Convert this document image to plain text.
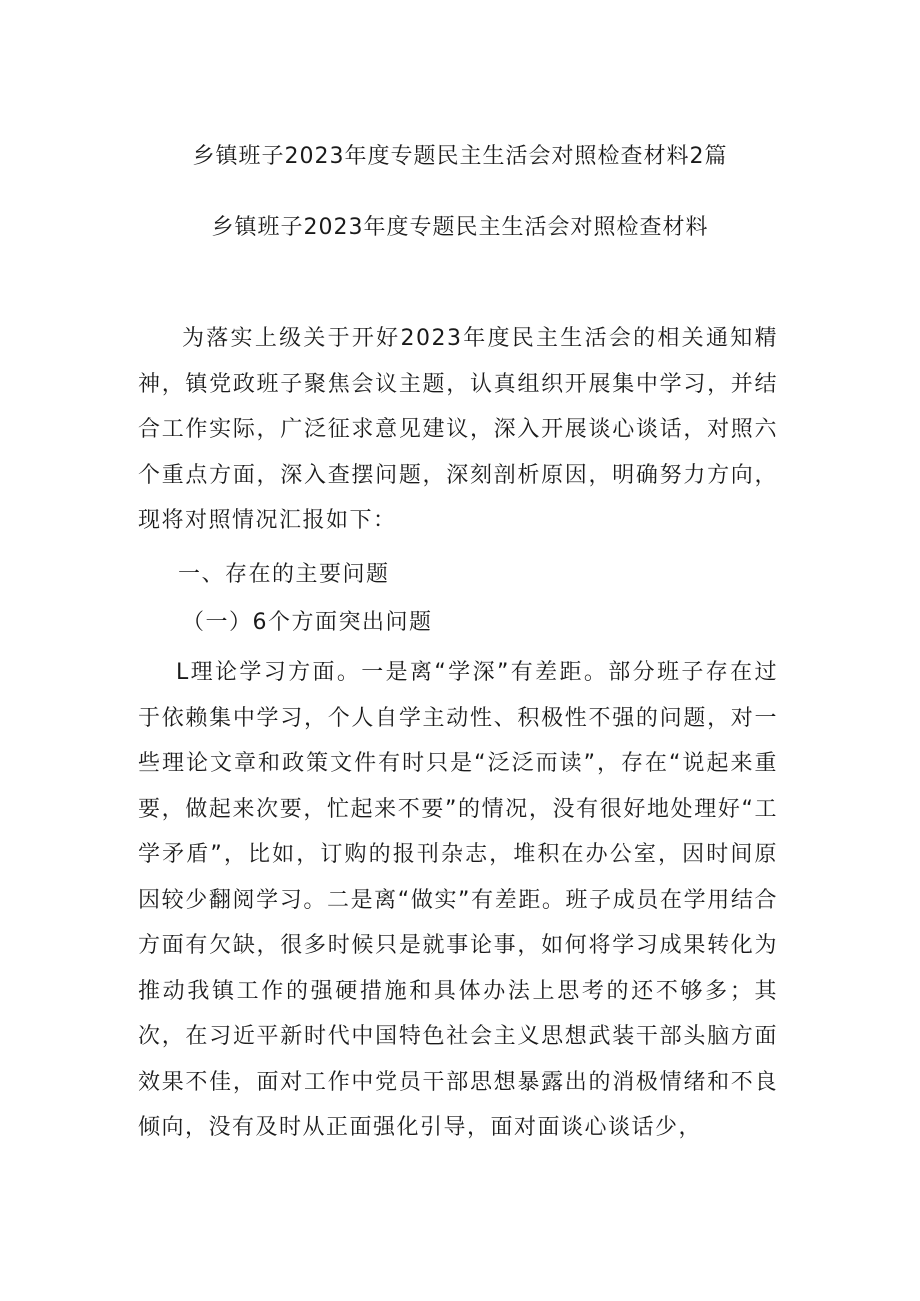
乡镇班子2023年度专题民主生活会对照检查材料2篇
乡镇班子2023年度专题民主生活会对照检查材料
为落实上级关于开好2023年度民主生活会的相关通知精神，镇党政班子聚焦会议主题，认真组织开展集中学习，并结合工作实际，广泛征求意见建议，深入开展谈心谈话，对照六个重点方面，深入查摆问题，深刻剖析原因，明确努力方向，现将对照情况汇报如下：
一、存在的主要问题
（一）6个方面突出问题
L理论学习方面。一是离“学深”有差距。部分班子存在过于依赖集中学习，个人自学主动性、积极性不强的问题，对一些理论文章和政策文件有时只是“泛泛而读”，存在“说起来重要，做起来次要，忙起来不要”的情况，没有很好地处理好“工学矛盾”，比如，订购的报刊杂志，堆积在办公室，因时间原因较少翻阅学习。二是离“做实”有差距。班子成员在学用结合方面有欠缺，很多时候只是就事论事，如何将学习成果转化为推动我镇工作的强硬措施和具体办法上思考的还不够多；其次，在习近平新时代中国特色社会主义思想武装干部头脑方面效果不佳，面对工作中党员干部思想暴露出的消极情绪和不良倾向，没有及时从正面强化引导，面对面谈心谈话少，
